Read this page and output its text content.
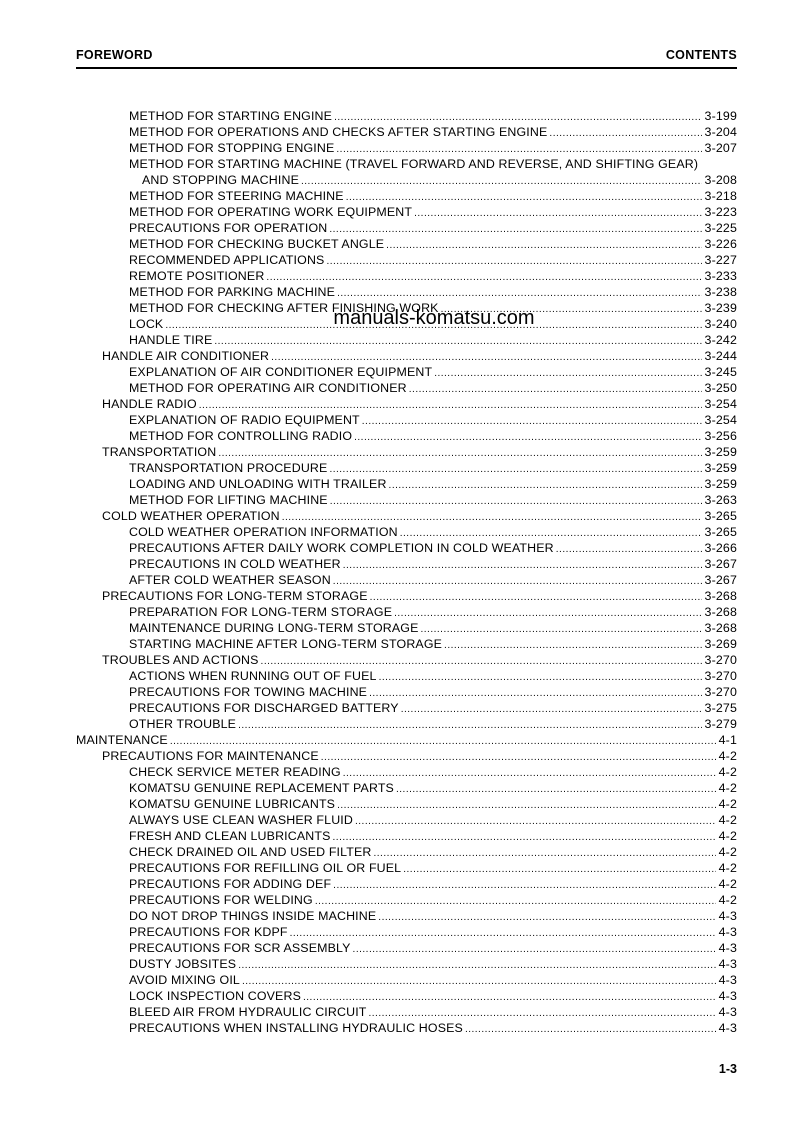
FOREWORD	CONTENTS
METHOD FOR STARTING ENGINE .....	3-199
METHOD FOR OPERATIONS AND CHECKS AFTER STARTING ENGINE .....	3-204
METHOD FOR STOPPING ENGINE .....	3-207
METHOD FOR STARTING MACHINE (TRAVEL FORWARD AND REVERSE, AND SHIFTING GEAR)
AND STOPPING MACHINE .....	3-208
METHOD FOR STEERING MACHINE .....	3-218
METHOD FOR OPERATING WORK EQUIPMENT .....	3-223
PRECAUTIONS FOR OPERATION .....	3-225
METHOD FOR CHECKING BUCKET ANGLE .....	3-226
RECOMMENDED APPLICATIONS .....	3-227
REMOTE POSITIONER .....	3-233
METHOD FOR PARKING MACHINE .....	3-238
METHOD FOR CHECKING AFTER FINISHING WORK .....	3-239
LOCK .....	3-240
HANDLE TIRE .....	3-242
HANDLE AIR CONDITIONER .....	3-244
EXPLANATION OF AIR CONDITIONER EQUIPMENT .....	3-245
METHOD FOR OPERATING AIR CONDITIONER .....	3-250
HANDLE RADIO .....	3-254
EXPLANATION OF RADIO EQUIPMENT .....	3-254
METHOD FOR CONTROLLING RADIO .....	3-256
TRANSPORTATION .....	3-259
TRANSPORTATION PROCEDURE .....	3-259
LOADING AND UNLOADING WITH TRAILER .....	3-259
METHOD FOR LIFTING MACHINE .....	3-263
COLD WEATHER OPERATION .....	3-265
COLD WEATHER OPERATION INFORMATION .....	3-265
PRECAUTIONS AFTER DAILY WORK COMPLETION IN COLD WEATHER .....	3-266
PRECAUTIONS IN COLD WEATHER .....	3-267
AFTER COLD WEATHER SEASON .....	3-267
PRECAUTIONS FOR LONG-TERM STORAGE .....	3-268
PREPARATION FOR LONG-TERM STORAGE .....	3-268
MAINTENANCE DURING LONG-TERM STORAGE .....	3-268
STARTING MACHINE AFTER LONG-TERM STORAGE .....	3-269
TROUBLES AND ACTIONS .....	3-270
ACTIONS WHEN RUNNING OUT OF FUEL .....	3-270
PRECAUTIONS FOR TOWING MACHINE .....	3-270
PRECAUTIONS FOR DISCHARGED BATTERY .....	3-275
OTHER TROUBLE .....	3-279
MAINTENANCE .....	4-1
PRECAUTIONS FOR MAINTENANCE .....	4-2
CHECK SERVICE METER READING .....	4-2
KOMATSU GENUINE REPLACEMENT PARTS .....	4-2
KOMATSU GENUINE LUBRICANTS .....	4-2
ALWAYS USE CLEAN WASHER FLUID .....	4-2
FRESH AND CLEAN LUBRICANTS .....	4-2
CHECK DRAINED OIL AND USED FILTER .....	4-2
PRECAUTIONS FOR REFILLING OIL OR FUEL .....	4-2
PRECAUTIONS FOR ADDING DEF .....	4-2
PRECAUTIONS FOR WELDING .....	4-2
DO NOT DROP THINGS INSIDE MACHINE .....	4-3
PRECAUTIONS FOR KDPF .....	4-3
PRECAUTIONS FOR SCR ASSEMBLY .....	4-3
DUSTY JOBSITES .....	4-3
AVOID MIXING OIL .....	4-3
LOCK INSPECTION COVERS .....	4-3
BLEED AIR FROM HYDRAULIC CIRCUIT .....	4-3
PRECAUTIONS WHEN INSTALLING HYDRAULIC HOSES .....	4-3
manuals-komatsu.com
1-3
